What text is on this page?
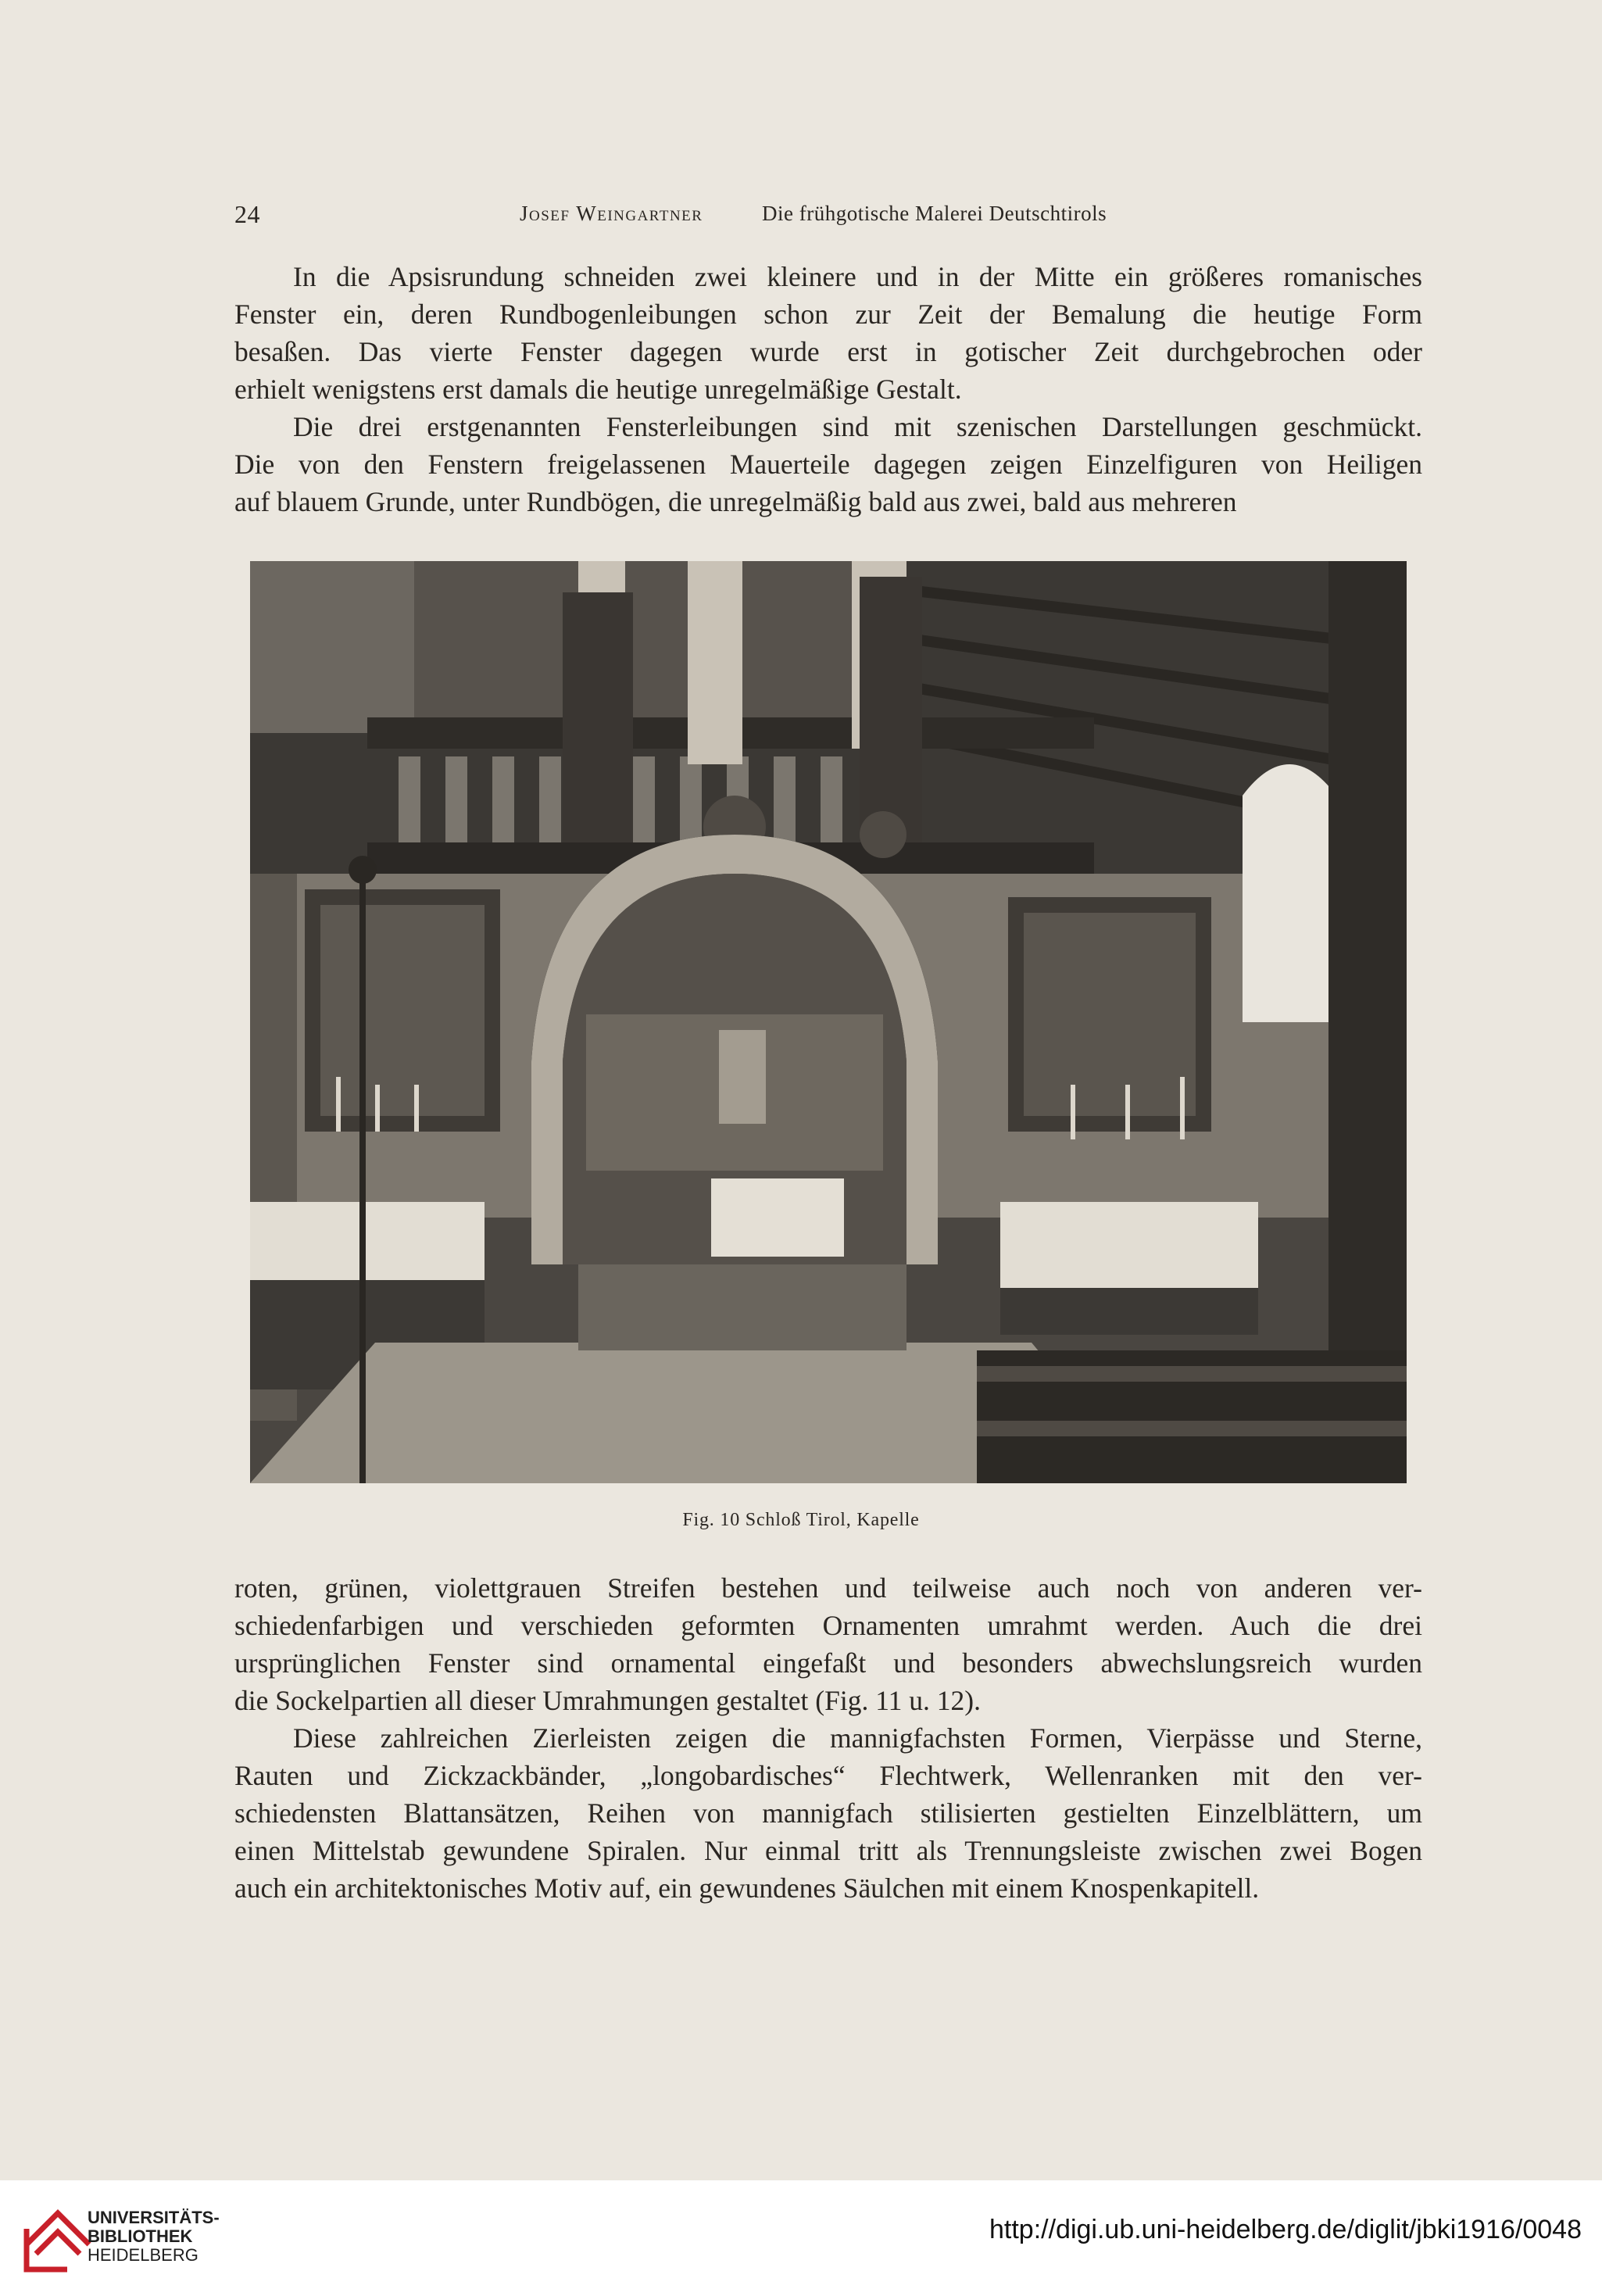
24	Josef Weingartner	Die frühgotische Malerei Deutschtirols

In die Apsisrundung schneiden zwei kleinere und in der Mitte ein größeres romanisches
Fenster ein, deren Rundbogenleibungen schon zur Zeit der Bemalung die heutige Form
besaßen. Das vierte Fenster dagegen wurde erst in gotischer Zeit durchgebrochen oder
erhielt wenigstens erst damals die heutige unregelmäßige Gestalt.

Die drei erstgenannten Fensterleibungen sind mit szenischen Darstellungen geschmückt.
Die von den Fenstern freigelassenen Mauerteile dagegen zeigen Einzelfiguren von Heiligen
auf blauem Grunde, unter Rundbögen, die unregelmäßig bald aus zwei, bald aus mehreren

Fig. 10 Schloß Tirol, Kapelle

roten, grünen, violettgrauen Streifen bestehen und teilweise auch noch von anderen ver-
schiedenfarbigen und verschieden geformten Ornamenten umrahmt werden. Auch die drei
ursprünglichen Fenster sind ornamental eingefaßt und besonders abwechslungsreich wurden
die Sockelpartien all dieser Umrahmungen gestaltet (Fig. 11 u. 12).

Diese zahlreichen Zierleisten zeigen die mannigfachsten Formen, Vierpässe und Sterne,
Rauten und Zickzackbänder, „longobardisches“ Flechtwerk, Wellenranken mit den ver-
schiedensten Blattansätzen, Reihen von mannigfach stilisierten gestielten Einzelblättern, um
einen Mittelstab gewundene Spiralen. Nur einmal tritt als Trennungsleiste zwischen zwei Bogen
auch ein architektonisches Motiv auf, ein gewundenes Säulchen mit einem Knospenkapitell.

UNIVERSITÄTS-
BIBLIOTHEK
HEIDELBERG
http://digi.ub.uni-heidelberg.de/diglit/jbki1916/0048
